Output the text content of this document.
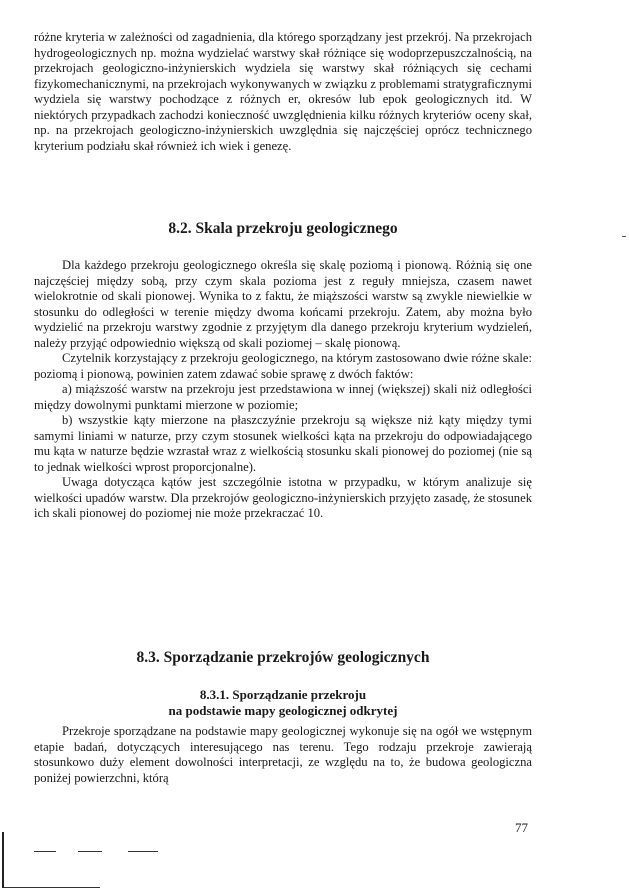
różne kryteria w zależności od zagadnienia, dla którego sporządzany jest przekrój. Na przekrojach hydrogeologicznych np. można wydzielać warstwy skał różniące się wodoprzepuszczalnością, na przekrojach geologiczno-inżynierskich wydziela się warstwy skał różniących się cechami fizykomechanicznymi, na przekrojach wykonywanych w związku z problemami stratygraficznymi wydziela się warstwy pochodzące z różnych er, okresów lub epok geologicznych itd. W niektórych przypadkach zachodzi konieczność uwzględnienia kilku różnych kryteriów oceny skał, np. na przekrojach geologiczno-inżynierskich uwzględnia się najczęściej oprócz technicznego kryterium podziału skał również ich wiek i genezę.

8.2. Skala przekroju geologicznego

Dla każdego przekroju geologicznego określa się skalę poziomą i pionową. Różnią się one najczęściej między sobą, przy czym skala pozioma jest z reguły mniejsza, czasem nawet wielokrotnie od skali pionowej. Wynika to z faktu, że miąższości warstw są zwykle niewielkie w stosunku do odległości w terenie między dwoma końcami przekroju. Zatem, aby można było wydzielić na przekroju warstwy zgodnie z przyjętym dla danego przekroju kryterium wydzieleń, należy przyjąć odpowiednio większą od skali poziomej – skalę pionową.

Czytelnik korzystający z przekroju geologicznego, na którym zastosowano dwie różne skale: poziomą i pionową, powinien zatem zdawać sobie sprawę z dwóch faktów:

a) miąższość warstw na przekroju jest przedstawiona w innej (większej) skali niż odległości między dowolnymi punktami mierzone w poziomie;

b) wszystkie kąty mierzone na płaszczyźnie przekroju są większe niż kąty między tymi samymi liniami w naturze, przy czym stosunek wielkości kąta na przekroju do odpowiadającego mu kąta w naturze będzie wzrastał wraz z wielkością stosunku skali pionowej do poziomej (nie są to jednak wielkości wprost proporcjonalne).

Uwaga dotycząca kątów jest szczególnie istotna w przypadku, w którym analizuje się wielkości upadów warstw. Dla przekrojów geologiczno-inżynierskich przyjęto zasadę, że stosunek ich skali pionowej do poziomej nie może przekraczać 10.

8.3. Sporządzanie przekrojów geologicznych
8.3.1. Sporządzanie przekroju
na podstawie mapy geologicznej odkrytej

Przekroje sporządzane na podstawie mapy geologicznej wykonuje się na ogół we wstępnym etapie badań, dotyczących interesującego nas terenu. Tego rodzaju przekroje zawierają stosunkowo duży element dowolności interpretacji, ze względu na to, że budowa geologiczna poniżej powierzchni, którą

77
